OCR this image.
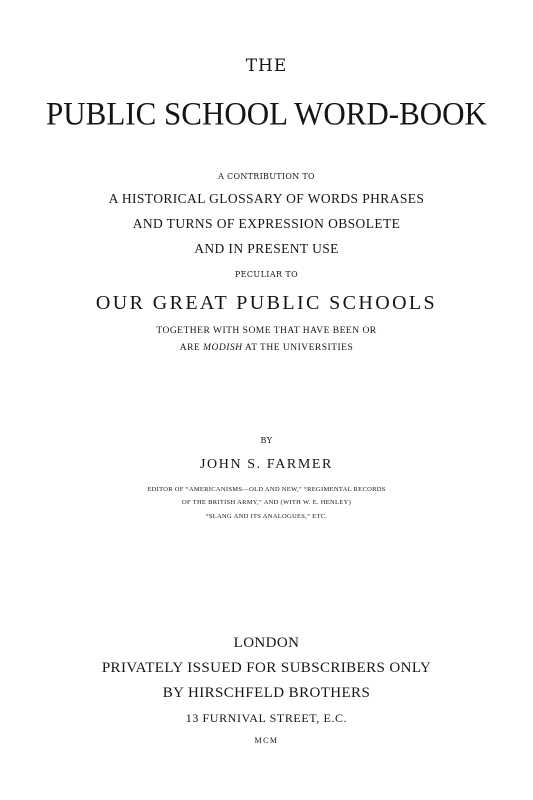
THE
PUBLIC SCHOOL WORD-BOOK
A CONTRIBUTION TO
A HISTORICAL GLOSSARY OF WORDS PHRASES
AND TURNS OF EXPRESSION OBSOLETE
AND IN PRESENT USE
PECULIAR TO
OUR GREAT PUBLIC SCHOOLS
TOGETHER WITH SOME THAT HAVE BEEN OR
ARE MODISH AT THE UNIVERSITIES
BY
JOHN S. FARMER
EDITOR OF “AMERICANISMS—OLD AND NEW,” “REGIMENTAL RECORDS
OF THE BRITISH ARMY,” AND (WITH W. E. HENLEY)
“SLANG AND ITS ANALOGUES,” ETC.
LONDON
PRIVATELY ISSUED FOR SUBSCRIBERS ONLY
BY HIRSCHFELD BROTHERS
13 FURNIVAL STREET, E.C.
MCM
